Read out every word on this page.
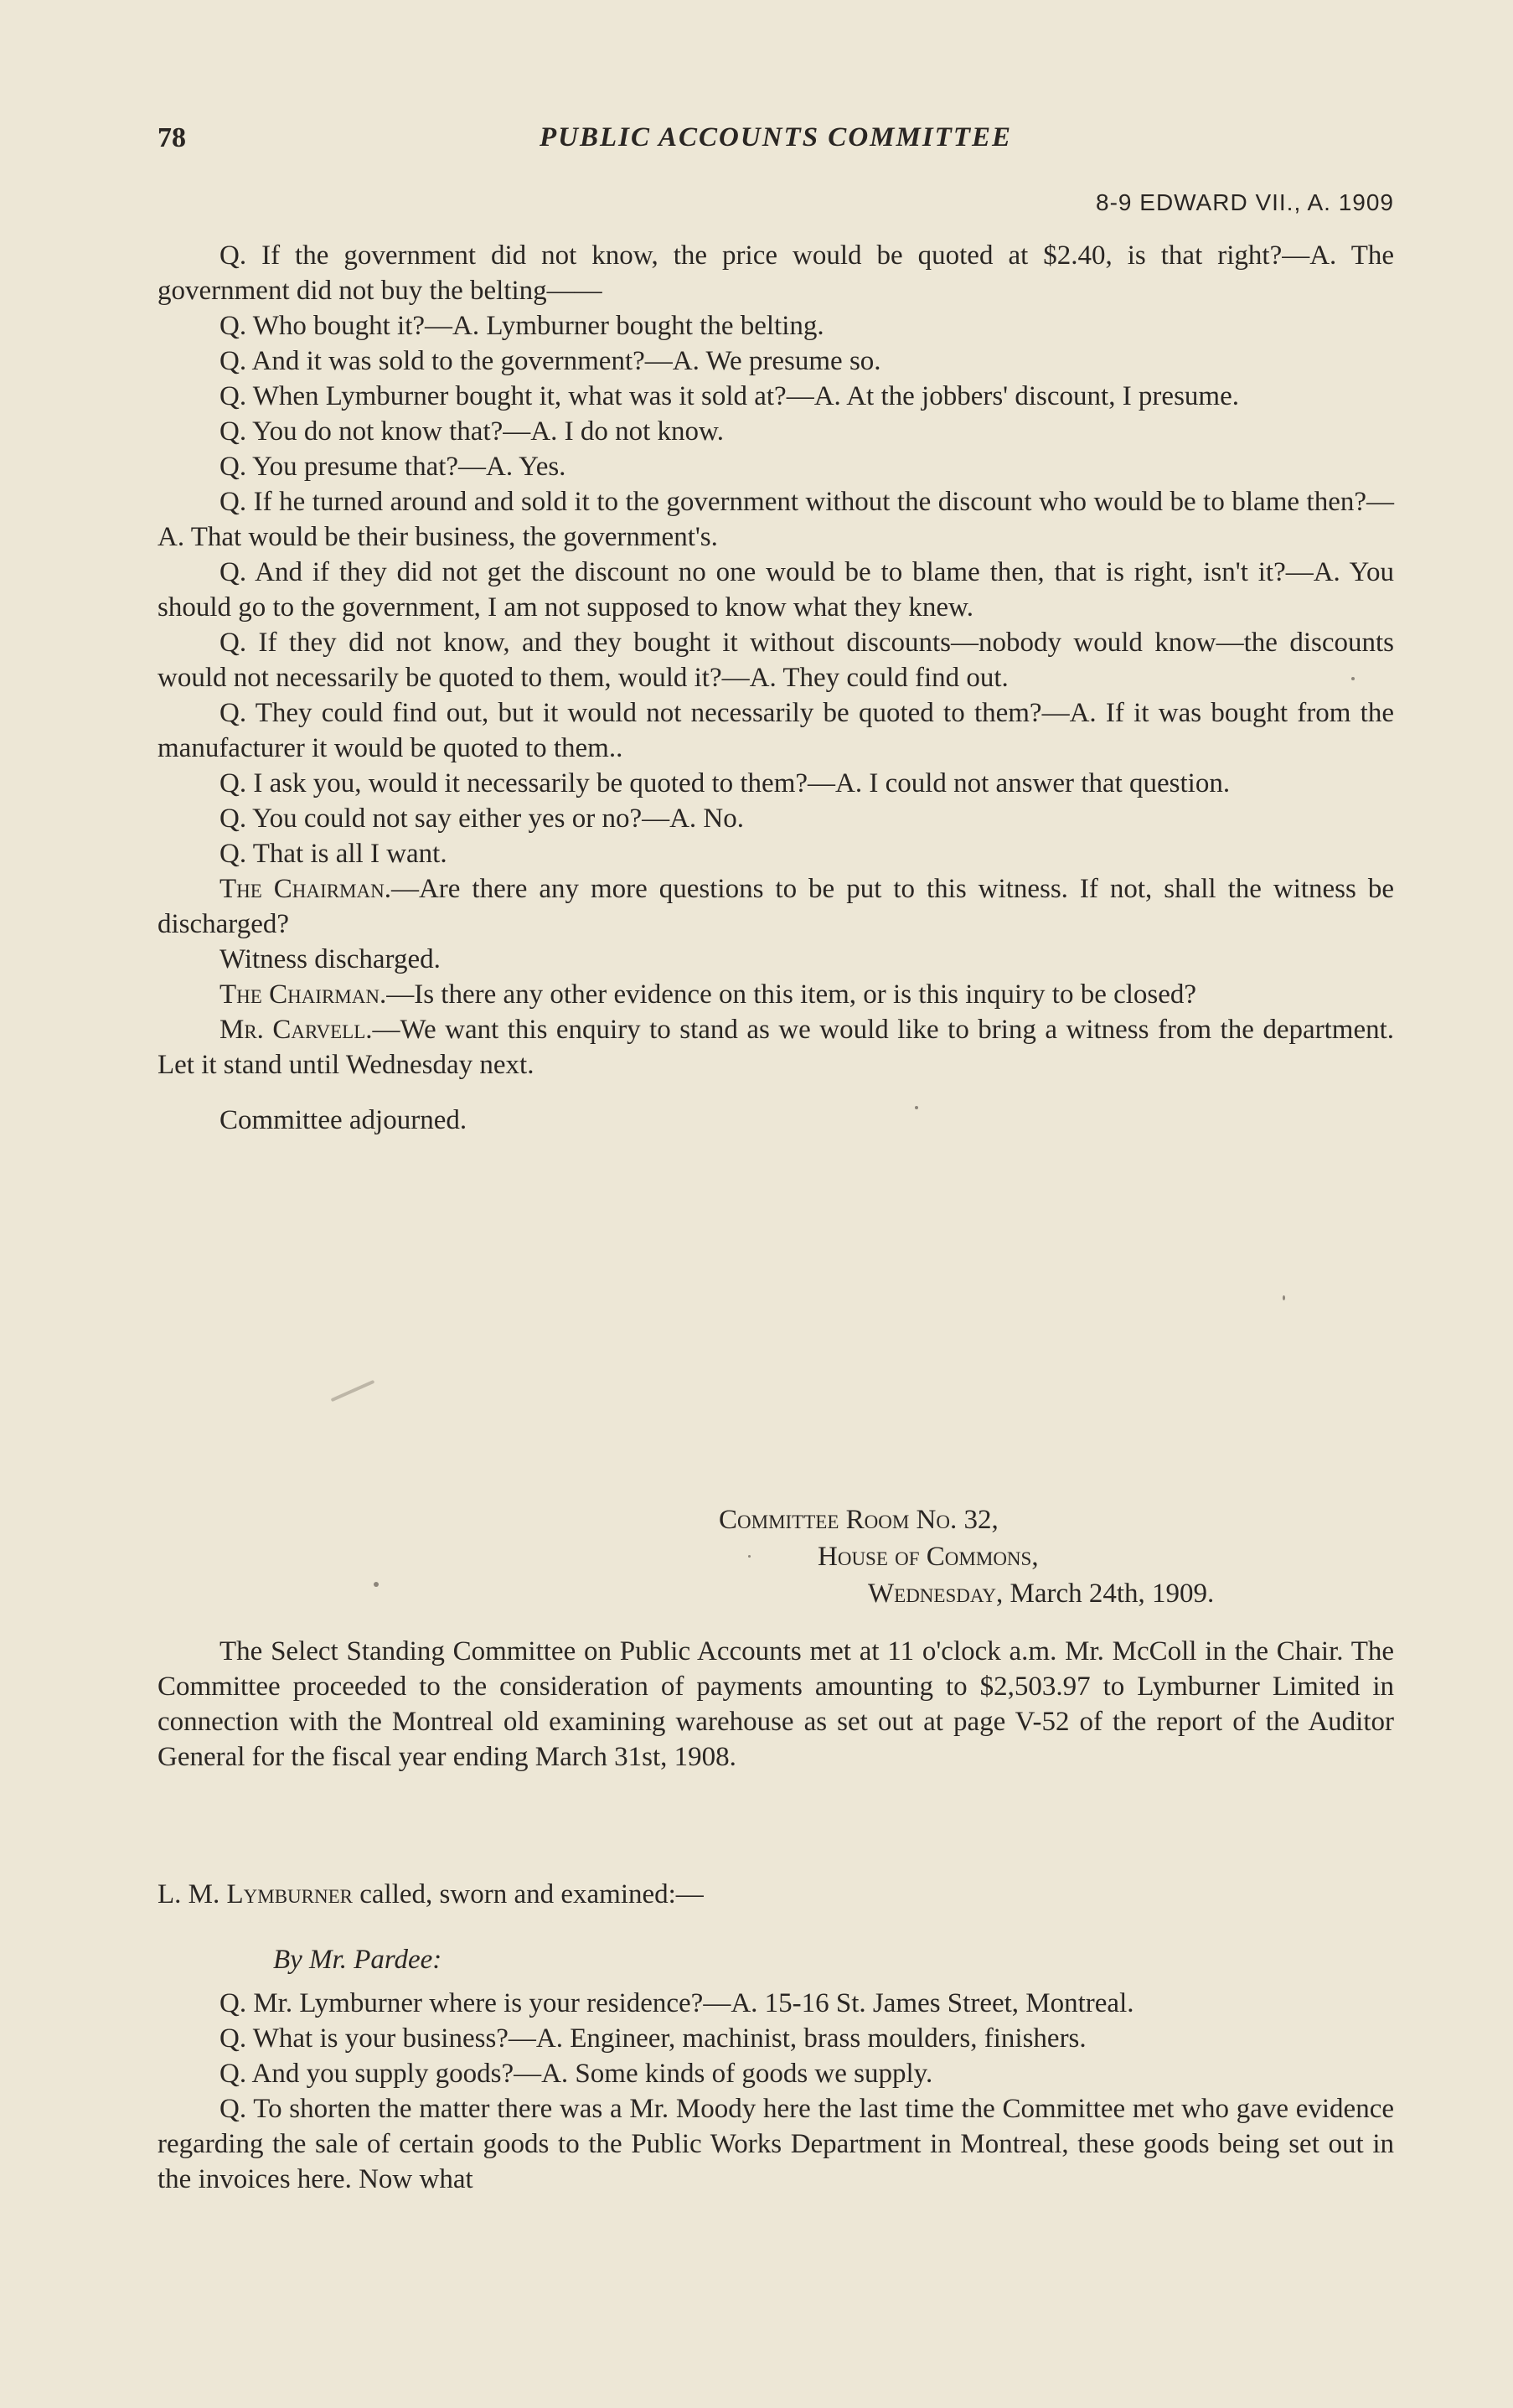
78	PUBLIC ACCOUNTS COMMITTEE
8-9 EDWARD VII., A. 1909

Q. If the government did not know, the price would be quoted at $2.40, is that right?—A. The government did not buy the belting——

Q. Who bought it?—A. Lymburner bought the belting.

Q. And it was sold to the government?—A. We presume so.

Q. When Lymburner bought it, what was it sold at?—A. At the jobbers' discount, I presume.

Q. You do not know that?—A. I do not know.

Q. You presume that?—A. Yes.

Q. If he turned around and sold it to the government without the discount who would be to blame then?—A. That would be their business, the government's.

Q. And if they did not get the discount no one would be to blame then, that is right, isn't it?—A. You should go to the government, I am not supposed to know what they knew.

Q. If they did not know, and they bought it without discounts—nobody would know—the discounts would not necessarily be quoted to them, would it?—A. They could find out.

Q. They could find out, but it would not necessarily be quoted to them?—A. If it was bought from the manufacturer it would be quoted to them..

Q. I ask you, would it necessarily be quoted to them?—A. I could not answer that question.

Q. You could not say either yes or no?—A. No.

Q. That is all I want.

The Chairman.—Are there any more questions to be put to this witness. If not, shall the witness be discharged?

Witness discharged.

The Chairman.—Is there any other evidence on this item, or is this inquiry to be closed?

Mr. Carvell.—We want this enquiry to stand as we would like to bring a witness from the department. Let it stand until Wednesday next.

Committee adjourned.

Committee Room No. 32,
House of Commons,
Wednesday, March 24th, 1909.

The Select Standing Committee on Public Accounts met at 11 o'clock a.m. Mr. McColl in the Chair. The Committee proceeded to the consideration of payments amounting to $2,503.97 to Lymburner Limited in connection with the Montreal old examining warehouse as set out at page V-52 of the report of the Auditor General for the fiscal year ending March 31st, 1908.

L. M. Lymburner called, sworn and examined:—

By Mr. Pardee:

Q. Mr. Lymburner where is your residence?—A. 15-16 St. James Street, Montreal.

Q. What is your business?—A. Engineer, machinist, brass moulders, finishers.

Q. And you supply goods?—A. Some kinds of goods we supply.

Q. To shorten the matter there was a Mr. Moody here the last time the Committee met who gave evidence regarding the sale of certain goods to the Public Works Department in Montreal, these goods being set out in the invoices here. Now what
